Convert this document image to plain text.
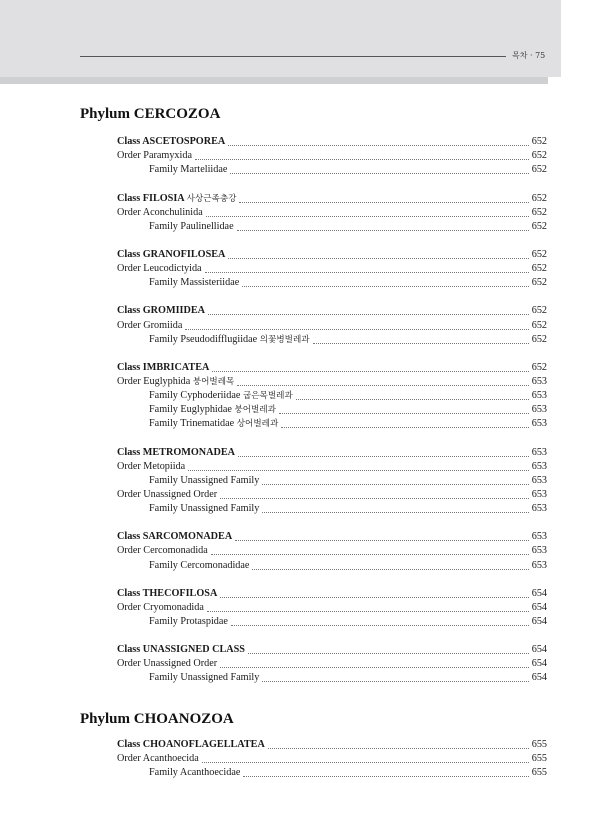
목차 · 75
Phylum CERCOZOA
Class ASCETOSPOREA	652
Order Paramyxida	652
Family Marteliidae	652
Class FILOSIA 사상근족충강	652
Order Aconchulinida	652
Family Paulinellidae	652
Class GRANOFILOSEA	652
Order Leucodictyida	652
Family Massisteriidae	652
Class GROMIIDEA	652
Order Gromiida	652
Family Pseudodifflugiidae 의꽃병벌레과	652
Class IMBRICATEA	652
Order Euglyphida 붕어벌레목	653
Family Cyphoderiidae 굽은목벌레과	653
Family Euglyphidae 붕어벌레과	653
Family Trinematidae 상어벌레과	653
Class METROMONADEA	653
Order Metopiida	653
Family Unassigned Family	653
Order Unassigned Order	653
Family Unassigned Family	653
Class SARCOMONADEA	653
Order Cercomonadida	653
Family Cercomonadidae	653
Class THECOFILOSA	654
Order Cryomonadida	654
Family Protaspidae	654
Class UNASSIGNED CLASS	654
Order Unassigned Order	654
Family Unassigned Family	654
Phylum CHOANOZOA
Class CHOANOFLAGELLATEA	655
Order Acanthoecida	655
Family Acanthoecidae	655
